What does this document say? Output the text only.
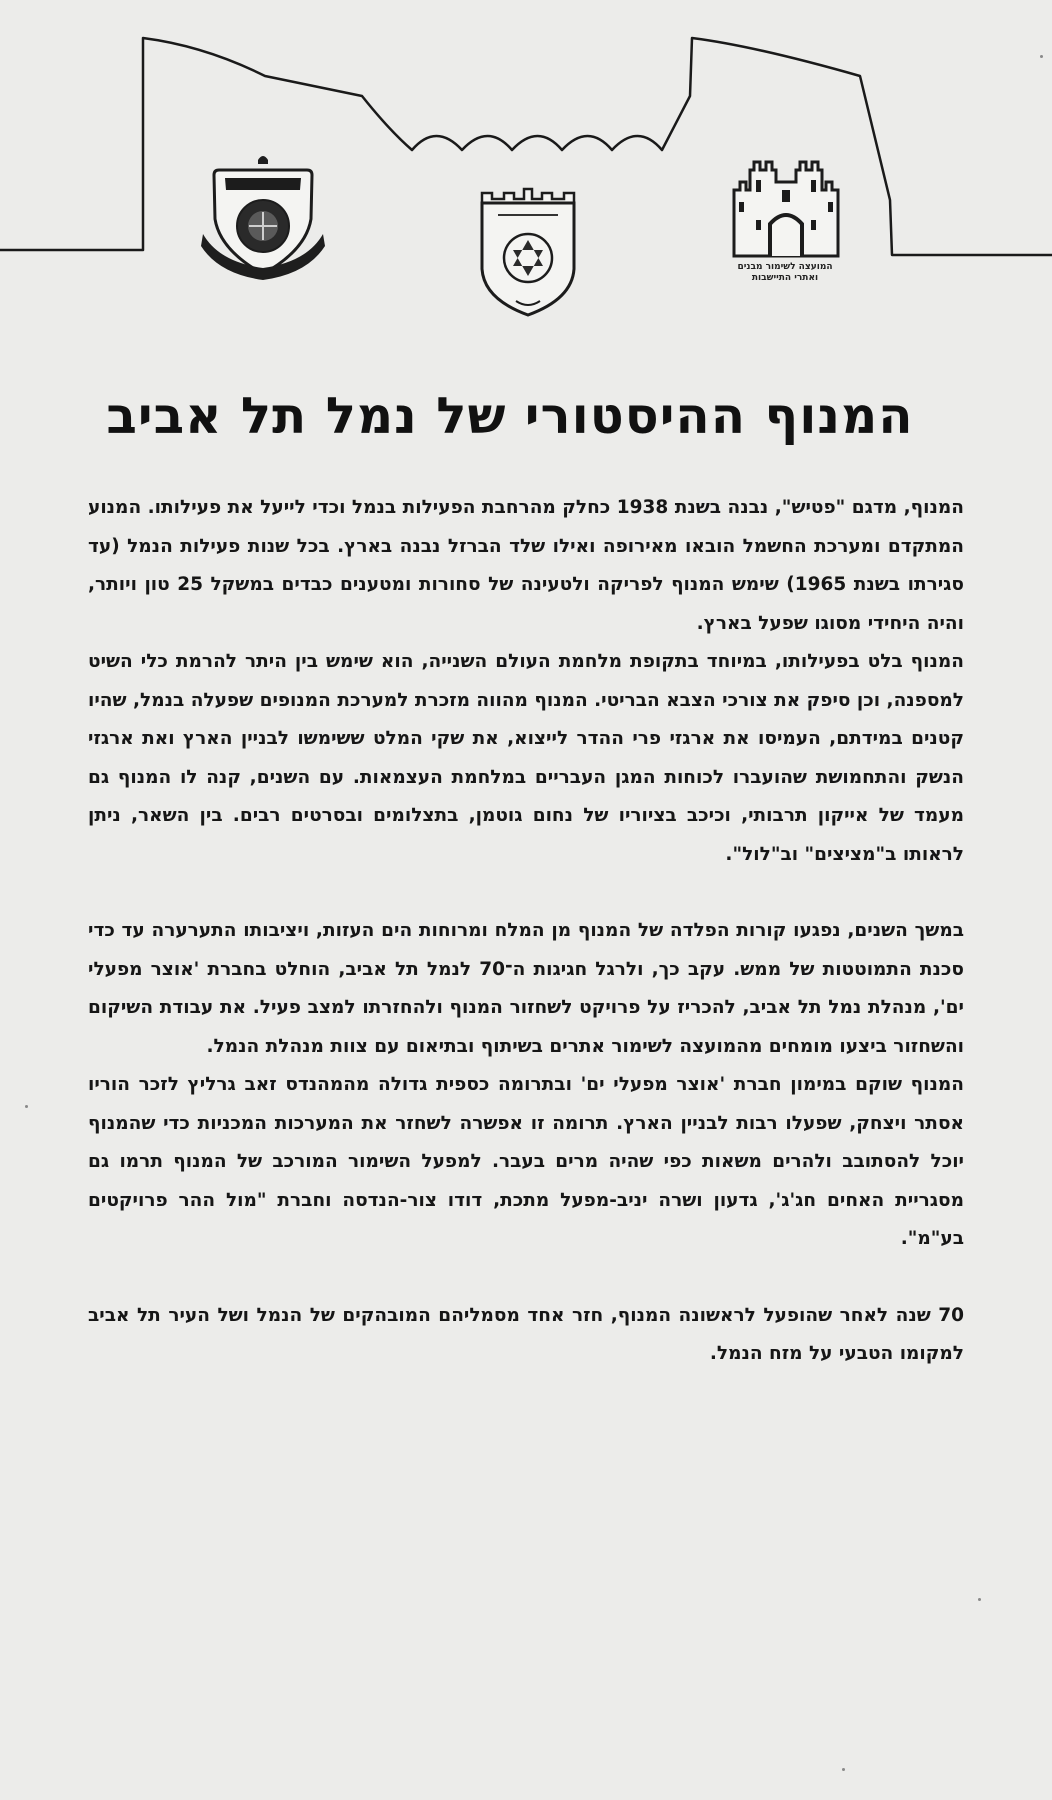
המועצה לשימור מבנים
ואתרי התיישבות
המנוף ההיסטורי של נמל תל אביב

המנוף, מדגם "פטיש", נבנה בשנת 1938 כחלק מהרחבת הפעילות בנמל וכדי לייעל את פעילותו. המנוע המתקדם ומערכת החשמל הובאו מאירופה ואילו שלד הברזל נבנה בארץ. בכל שנות פעילות הנמל (עד סגירתו בשנת 1965) שימש המנוף לפריקה ולטעינה של סחורות ומטענים כבדים במשקל 25 טון ויותר, והיה היחידי מסוגו שפעל בארץ.

המנוף בלט בפעילותו, במיוחד בתקופת מלחמת העולם השנייה, הוא שימש בין היתר להרמת כלי השיט למספנה, וכן סיפק את צורכי הצבא הבריטי. המנוף מהווה מזכרת למערכת המנופים שפעלה בנמל, שהיו קטנים במידתם, העמיסו את ארגזי פרי ההדר לייצוא, את שקי המלט ששימשו לבניין הארץ ואת ארגזי הנשק והתחמושת שהועברו לכוחות המגן העבריים במלחמת העצמאות. עם השנים, קנה לו המנוף גם מעמד של אייקון תרבותי, וכיכב בציוריו של נחום גוטמן, בתצלומים ובסרטים רבים. בין השאר, ניתן לראותו ב"מציצים" וב"לול".

במשך השנים, נפגעו קורות הפלדה של המנוף מן המלח ומרוחות הים העזות, ויציבותו התערערה עד כדי סכנת התמוטטות של ממש. עקב כך, ולרגל חגיגות ה־70 לנמל תל אביב, הוחלט בחברת 'אוצר מפעלי ים', מנהלת נמל תל אביב, להכריז על פרויקט לשחזור המנוף ולהחזרתו למצב פעיל. את עבודת השיקום והשחזור ביצעו מומחים מהמועצה לשימור אתרים בשיתוף ובתיאום עם צוות מנהלת הנמל.

המנוף שוקם במימון חברת 'אוצר מפעלי ים' ובתרומה כספית גדולה מהמהנדס זאב גרליץ לזכר הוריו אסתר ויצחק, שפעלו רבות לבניין הארץ. תרומה זו אפשרה לשחזר את המערכות המכניות כדי שהמנוף יוכל להסתובב ולהרים משאות כפי שהיה מרים בעבר. למפעל השימור המורכב של המנוף תרמו גם מסגריית האחים חג'ג', גדעון ושרה יניב-מפעל מתכת, דודו צור-הנדסה וחברת "מול ההר פרויקטים בע"מ".

70 שנה לאחר שהופעל לראשונה המנוף, חזר אחד מסמליהם המובהקים של הנמל ושל העיר תל אביב למקומו הטבעי על מזח הנמל.
